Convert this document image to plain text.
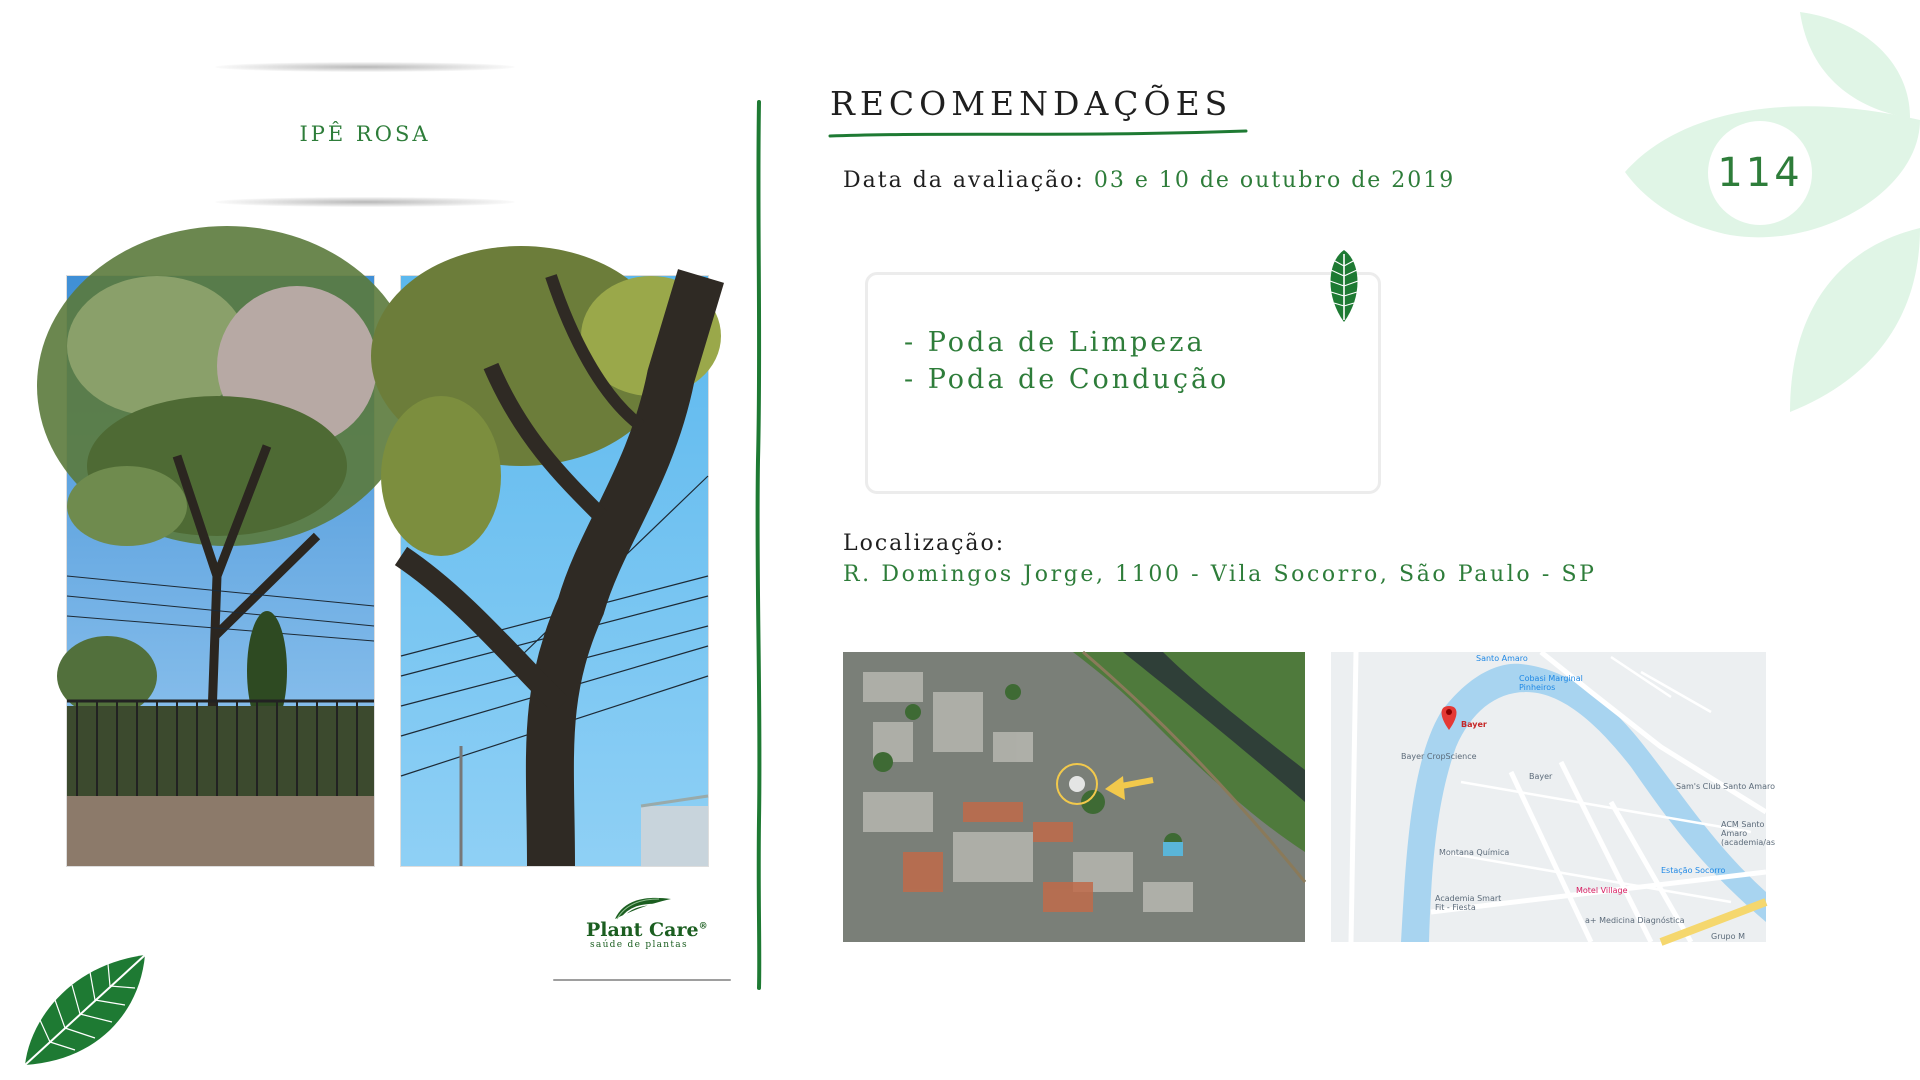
114
IPÊ ROSA
Plant Care®
saúde de plantas
RECOMENDAÇÕES
Data da avaliação: 03 e 10 de outubro de 2019
- Poda de Limpeza
- Poda de Condução
Localização:
R. Domingos Jorge, 1100 - Vila Socorro, São Paulo - SP
Santo Amaro
Cobasi Marginal Pinheiros
Bayer
Bayer CropScience
Bayer
Montana Química
Academia Smart Fit - Fiesta
Motel Village
a+ Medicina Diagnóstica
Estação Socorro
Sam's Club Santo Amaro
ACM Santo Amaro (academia/as
Grupo M
